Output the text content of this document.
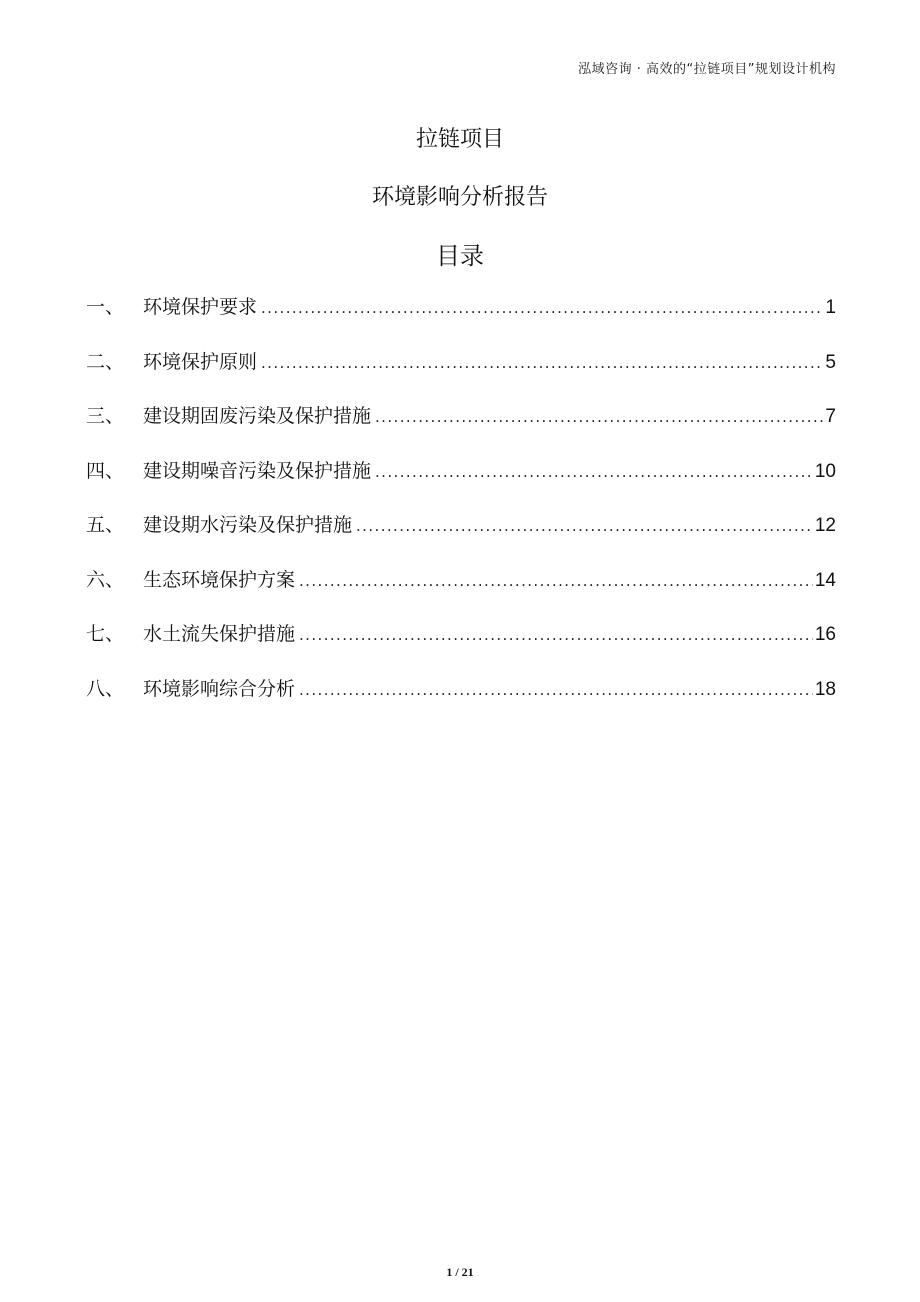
泓域咨询 · 高效的“拉链项目”规划设计机构
拉链项目
环境影响分析报告
目录
一、 环境保护要求 .....	1
二、 环境保护原则 .....	5
三、 建设期固废污染及保护措施 .....	7
四、 建设期噪音污染及保护措施 .....	10
五、 建设期水污染及保护措施 .....	12
六、 生态环境保护方案 .....	14
七、 水土流失保护措施 .....	16
八、 环境影响综合分析 .....	18
1 / 21
